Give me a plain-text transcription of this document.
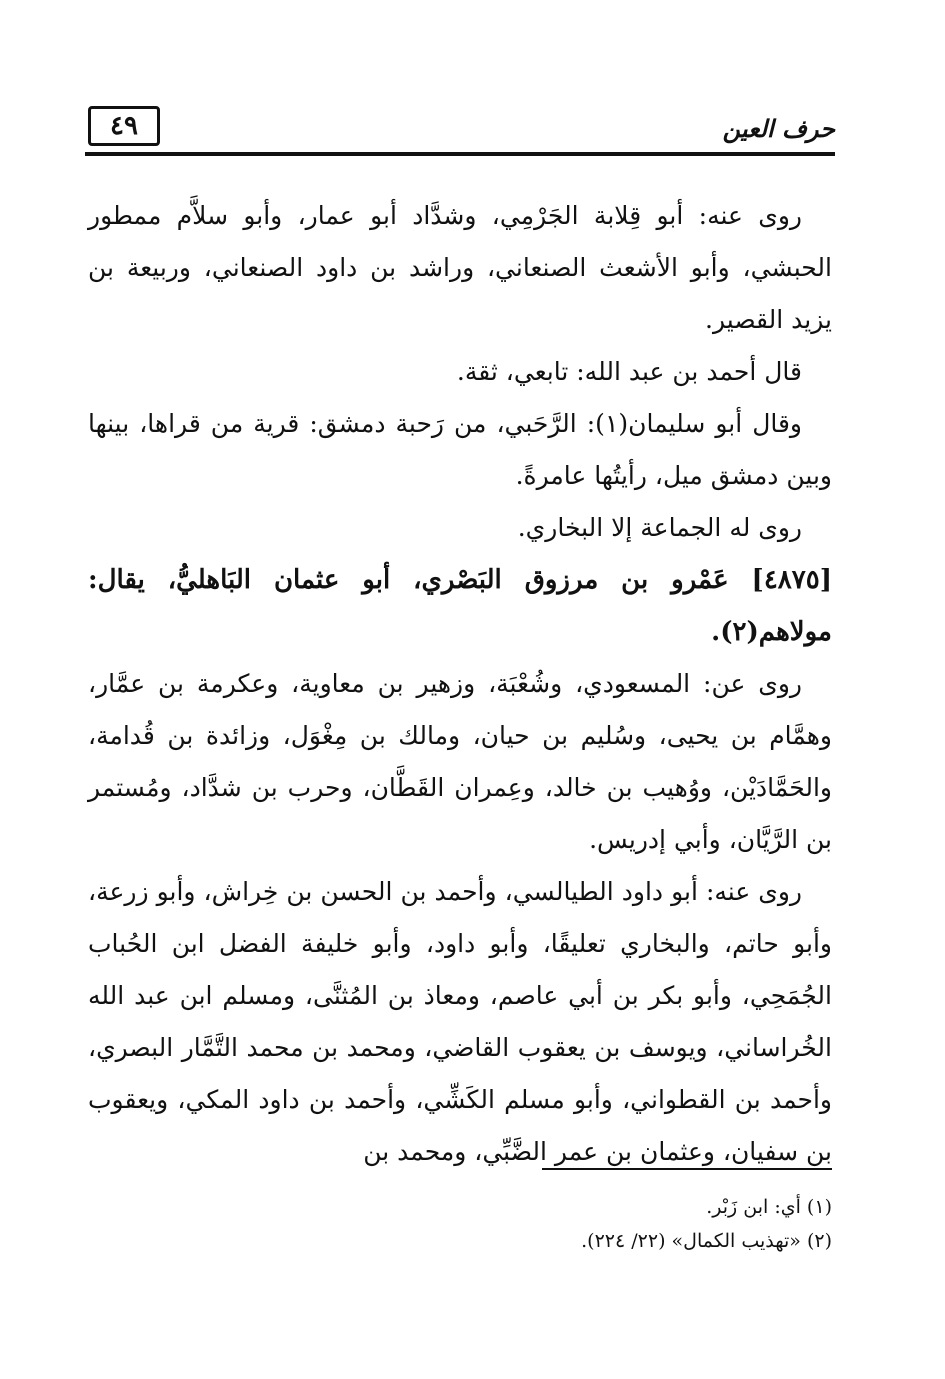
٤٩	حرف العين

روى عنه: أبو قِلابة الجَرْمِي، وشدَّاد أبو عمار، وأبو سلاَّم ممطور الحبشي، وأبو الأشعث الصنعاني، وراشد بن داود الصنعاني، وربيعة بن يزيد القصير.

قال أحمد بن عبد الله: تابعي، ثقة.

وقال أبو سليمان(١): الرَّحَبي، من رَحبة دمشق: قرية من قراها، بينها وبين دمشق ميل، رأيتُها عامرةً.

روى له الجماعة إلا البخاري.

[٤٨٧٥] عَمْرو بن مرزوق البَصْري، أبو عثمان البَاهليُّ، يقال: مولاهم(٢).

روى عن: المسعودي، وشُعْبَة، وزهير بن معاوية، وعكرمة بن عمَّار، وهمَّام بن يحيى، وسُليم بن حيان، ومالك بن مِغْوَل، وزائدة بن قُدامة، والحَمَّادَيْن، ووُهيب بن خالد، وعِمران القَطَّان، وحرب بن شدَّاد، ومُستمر بن الرَّيَّان، وأبي إدريس.

روى عنه: أبو داود الطيالسي، وأحمد بن الحسن بن خِراش، وأبو زرعة، وأبو حاتم، والبخاري تعليقًا، وأبو داود، وأبو خليفة الفضل ابن الحُباب الجُمَحِي، وأبو بكر بن أبي عاصم، ومعاذ بن المُثنَّى، ومسلم ابن عبد الله الخُراساني، ويوسف بن يعقوب القاضي، ومحمد بن محمد التَّمَّار البصري، وأحمد بن القطواني، وأبو مسلم الكَشِّي، وأحمد بن داود المكي، ويعقوب بن سفيان، وعثمان بن عمر الضَّبِّي، ومحمد بن

(١) أي: ابن زَبْر.

(٢) «تهذيب الكمال» (٢٢/ ٢٢٤).
